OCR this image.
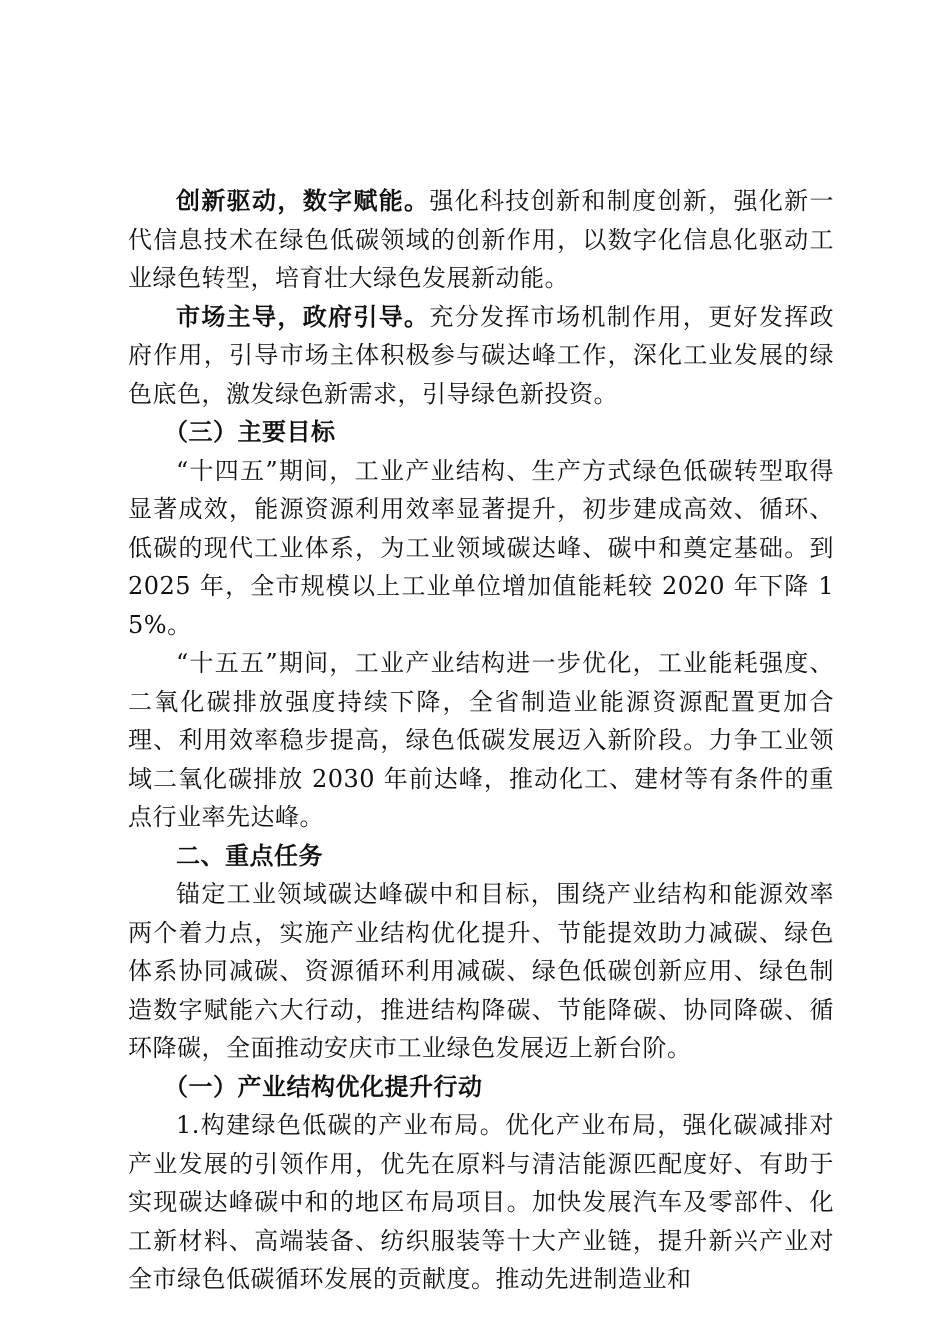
创新驱动，数字赋能。强化科技创新和制度创新，强化新一代信息技术在绿色低碳领域的创新作用，以数字化信息化驱动工业绿色转型，培育壮大绿色发展新动能。

市场主导，政府引导。充分发挥市场机制作用，更好发挥政府作用，引导市场主体积极参与碳达峰工作，深化工业发展的绿色底色，激发绿色新需求，引导绿色新投资。

（三）主要目标

“十四五”期间，工业产业结构、生产方式绿色低碳转型取得显著成效，能源资源利用效率显著提升，初步建成高效、循环、低碳的现代工业体系，为工业领域碳达峰、碳中和奠定基础。到 2025 年，全市规模以上工业单位增加值能耗较 2020 年下降 15%。

“十五五”期间，工业产业结构进一步优化，工业能耗强度、二氧化碳排放强度持续下降，全省制造业能源资源配置更加合理、利用效率稳步提高，绿色低碳发展迈入新阶段。力争工业领域二氧化碳排放 2030 年前达峰，推动化工、建材等有条件的重点行业率先达峰。

二、重点任务

锚定工业领域碳达峰碳中和目标，围绕产业结构和能源效率两个着力点，实施产业结构优化提升、节能提效助力减碳、绿色体系协同减碳、资源循环利用减碳、绿色低碳创新应用、绿色制造数字赋能六大行动，推进结构降碳、节能降碳、协同降碳、循环降碳，全面推动安庆市工业绿色发展迈上新台阶。

（一）产业结构优化提升行动

1.构建绿色低碳的产业布局。优化产业布局，强化碳减排对产业发展的引领作用，优先在原料与清洁能源匹配度好、有助于实现碳达峰碳中和的地区布局项目。加快发展汽车及零部件、化工新材料、高端装备、纺织服装等十大产业链，提升新兴产业对全市绿色低碳循环发展的贡献度。推动先进制造业和
